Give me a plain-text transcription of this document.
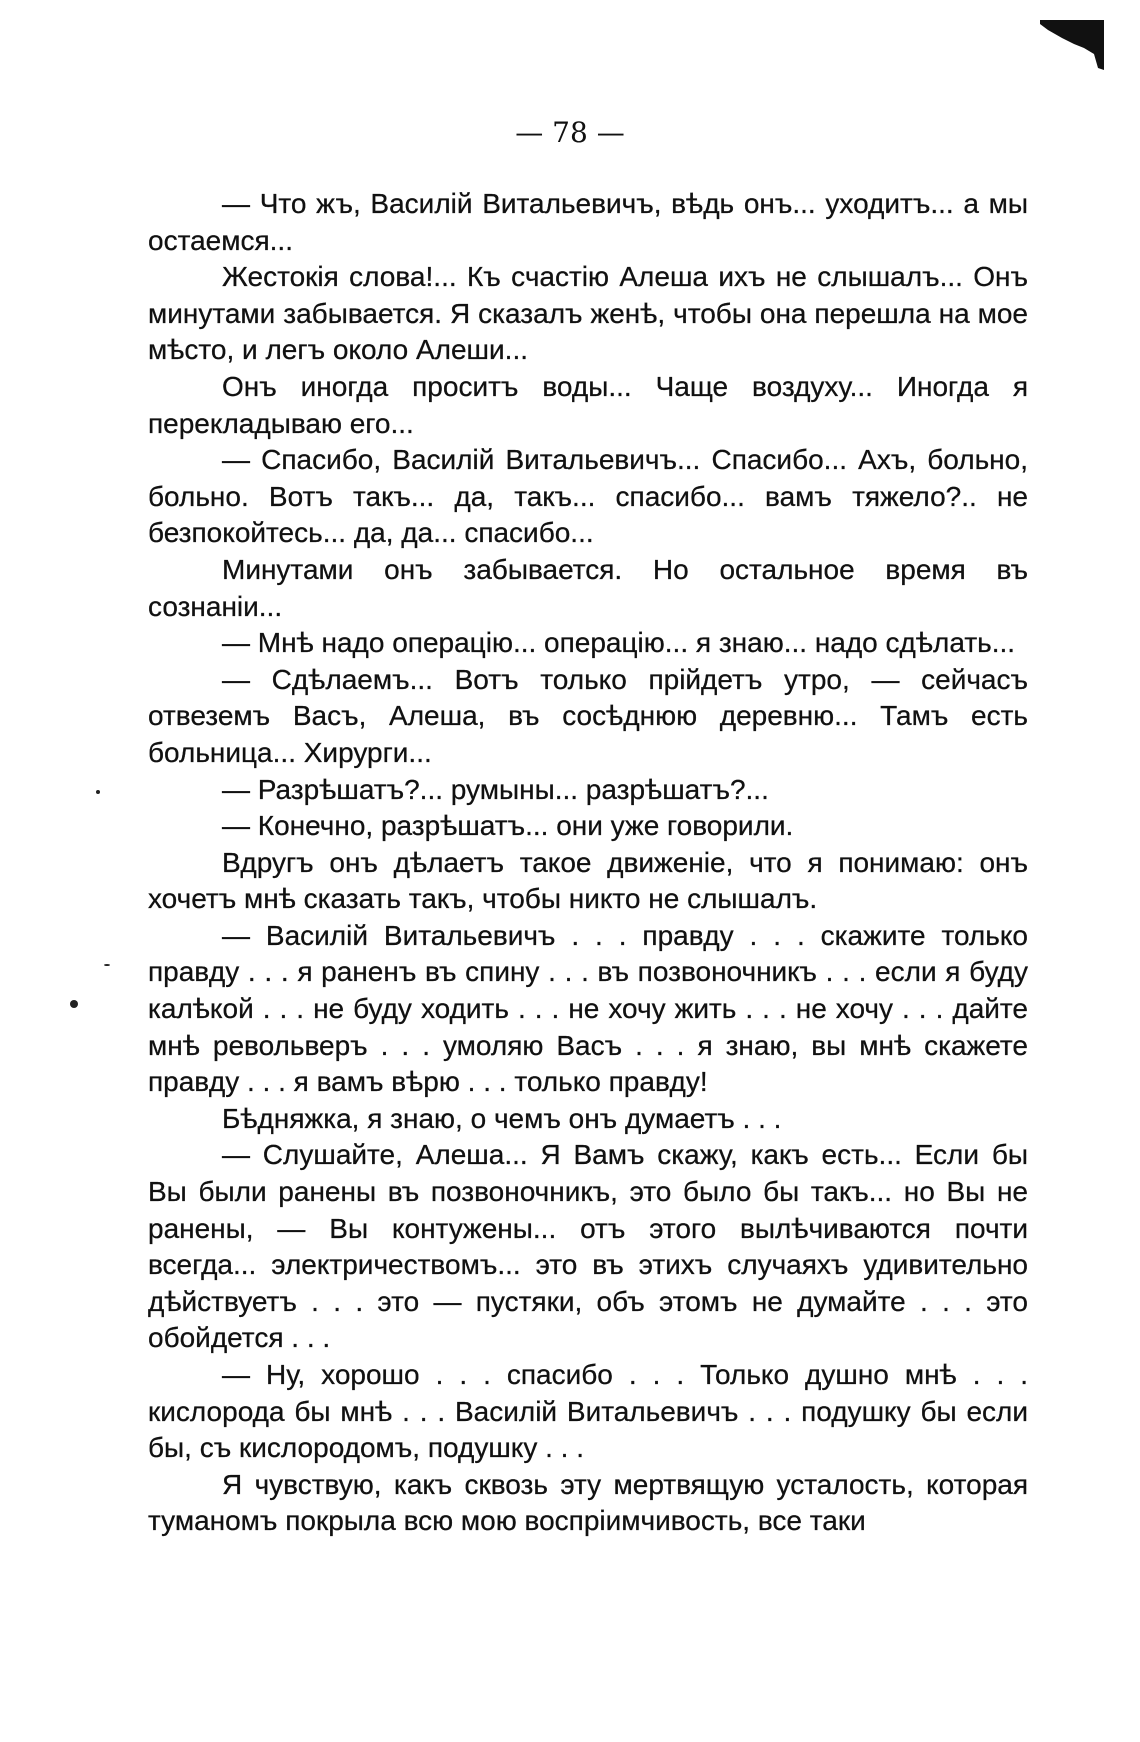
— 78 —

— Что жъ, Василій Витальевичъ, вѣдь онъ... уходитъ... а мы остаемся...

Жестокія слова!... Къ счастію Алеша ихъ не слышалъ... Онъ минутами забывается. Я сказалъ женѣ, чтобы она перешла на мое мѣсто, и легъ около Алеши...

Онъ иногда проситъ воды... Чаще воздуху... Иногда я перекладываю его...

— Спасибо, Василій Витальевичъ... Спасибо... Ахъ, больно, больно. Вотъ такъ... да, такъ... спасибо... вамъ тяжело?.. не безпокойтесь... да, да... спасибо...

Минутами онъ забывается. Но остальное время въ сознаніи...

— Мнѣ надо операцію... операцію... я знаю... надо сдѣлать...

— Сдѣлаемъ... Вотъ только прійдетъ утро, — сейчасъ отвеземъ Васъ, Алеша, въ сосѣднюю деревню... Тамъ есть больница... Хирурги...

— Разрѣшатъ?... румыны... разрѣшатъ?...

— Конечно, разрѣшатъ... они уже говорили.

Вдругъ онъ дѣлаетъ такое движеніе, что я понимаю: онъ хочетъ мнѣ сказать такъ, чтобы никто не слышалъ.

— Василій Витальевичъ . . . правду . . . скажите только правду . . . я раненъ въ спину . . . въ позвоночникъ . . . если я буду калѣкой . . . не буду ходить . . . не хочу жить . . . не хочу . . . дайте мнѣ револьверъ . . . умоляю Васъ . . . я знаю, вы мнѣ скажете правду . . . я вамъ вѣрю . . . только правду!

Бѣдняжка, я знаю, о чемъ онъ думаетъ . . .

— Слушайте, Алеша... Я Вамъ скажу, какъ есть... Если бы Вы были ранены въ позвоночникъ, это было бы такъ... но Вы не ранены, — Вы контужены... отъ этого вылѣчиваются почти всегда... электричествомъ... это въ этихъ случаяхъ удивительно дѣйствуетъ . . . это — пустяки, объ этомъ не думайте . . . это обойдется . . .

— Ну, хорошо . . . спасибо . . . Только душно мнѣ . . . кислорода бы мнѣ . . . Василій Витальевичъ . . . подушку бы если бы, съ кислородомъ, подушку . . .

Я чувствую, какъ сквозь эту мертвящую усталость, которая туманомъ покрыла всю мою воспріимчивость, все таки
